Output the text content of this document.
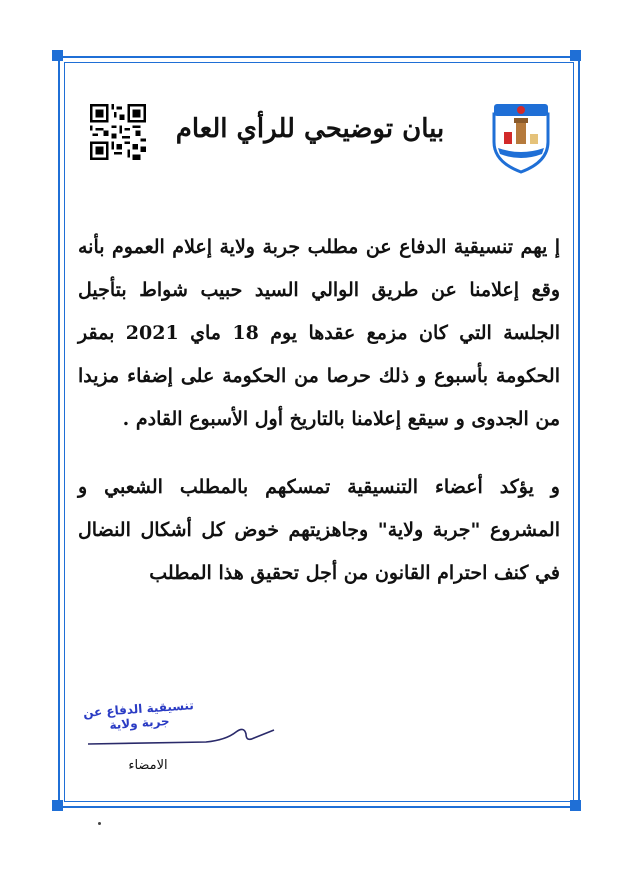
بيان توضيحي للرأي العام
إ يهم تنسيقية الدفاع عن مطلب جربة ولاية إعلام العموم بأنه وقع إعلامنا عن طريق الوالي السيد حبيب شواط بتأجيل الجلسة التي كان مزمع عقدها يوم 18 ماي 2021 بمقر الحكومة بأسبوع و ذلك حرصا من الحكومة على إضفاء مزيدا من الجدوى و سيقع إعلامنا بالتاريخ أول الأسبوع القادم .
و يؤكد أعضاء التنسيقية تمسكهم بالمطلب الشعبي و المشروع "جربة ولاية" وجاهزيتهم خوض كل أشكال النضال في كنف احترام القانون من أجل تحقيق هذا المطلب
تنسيقية الدفاع عن جربة ولاية
الامضاء
